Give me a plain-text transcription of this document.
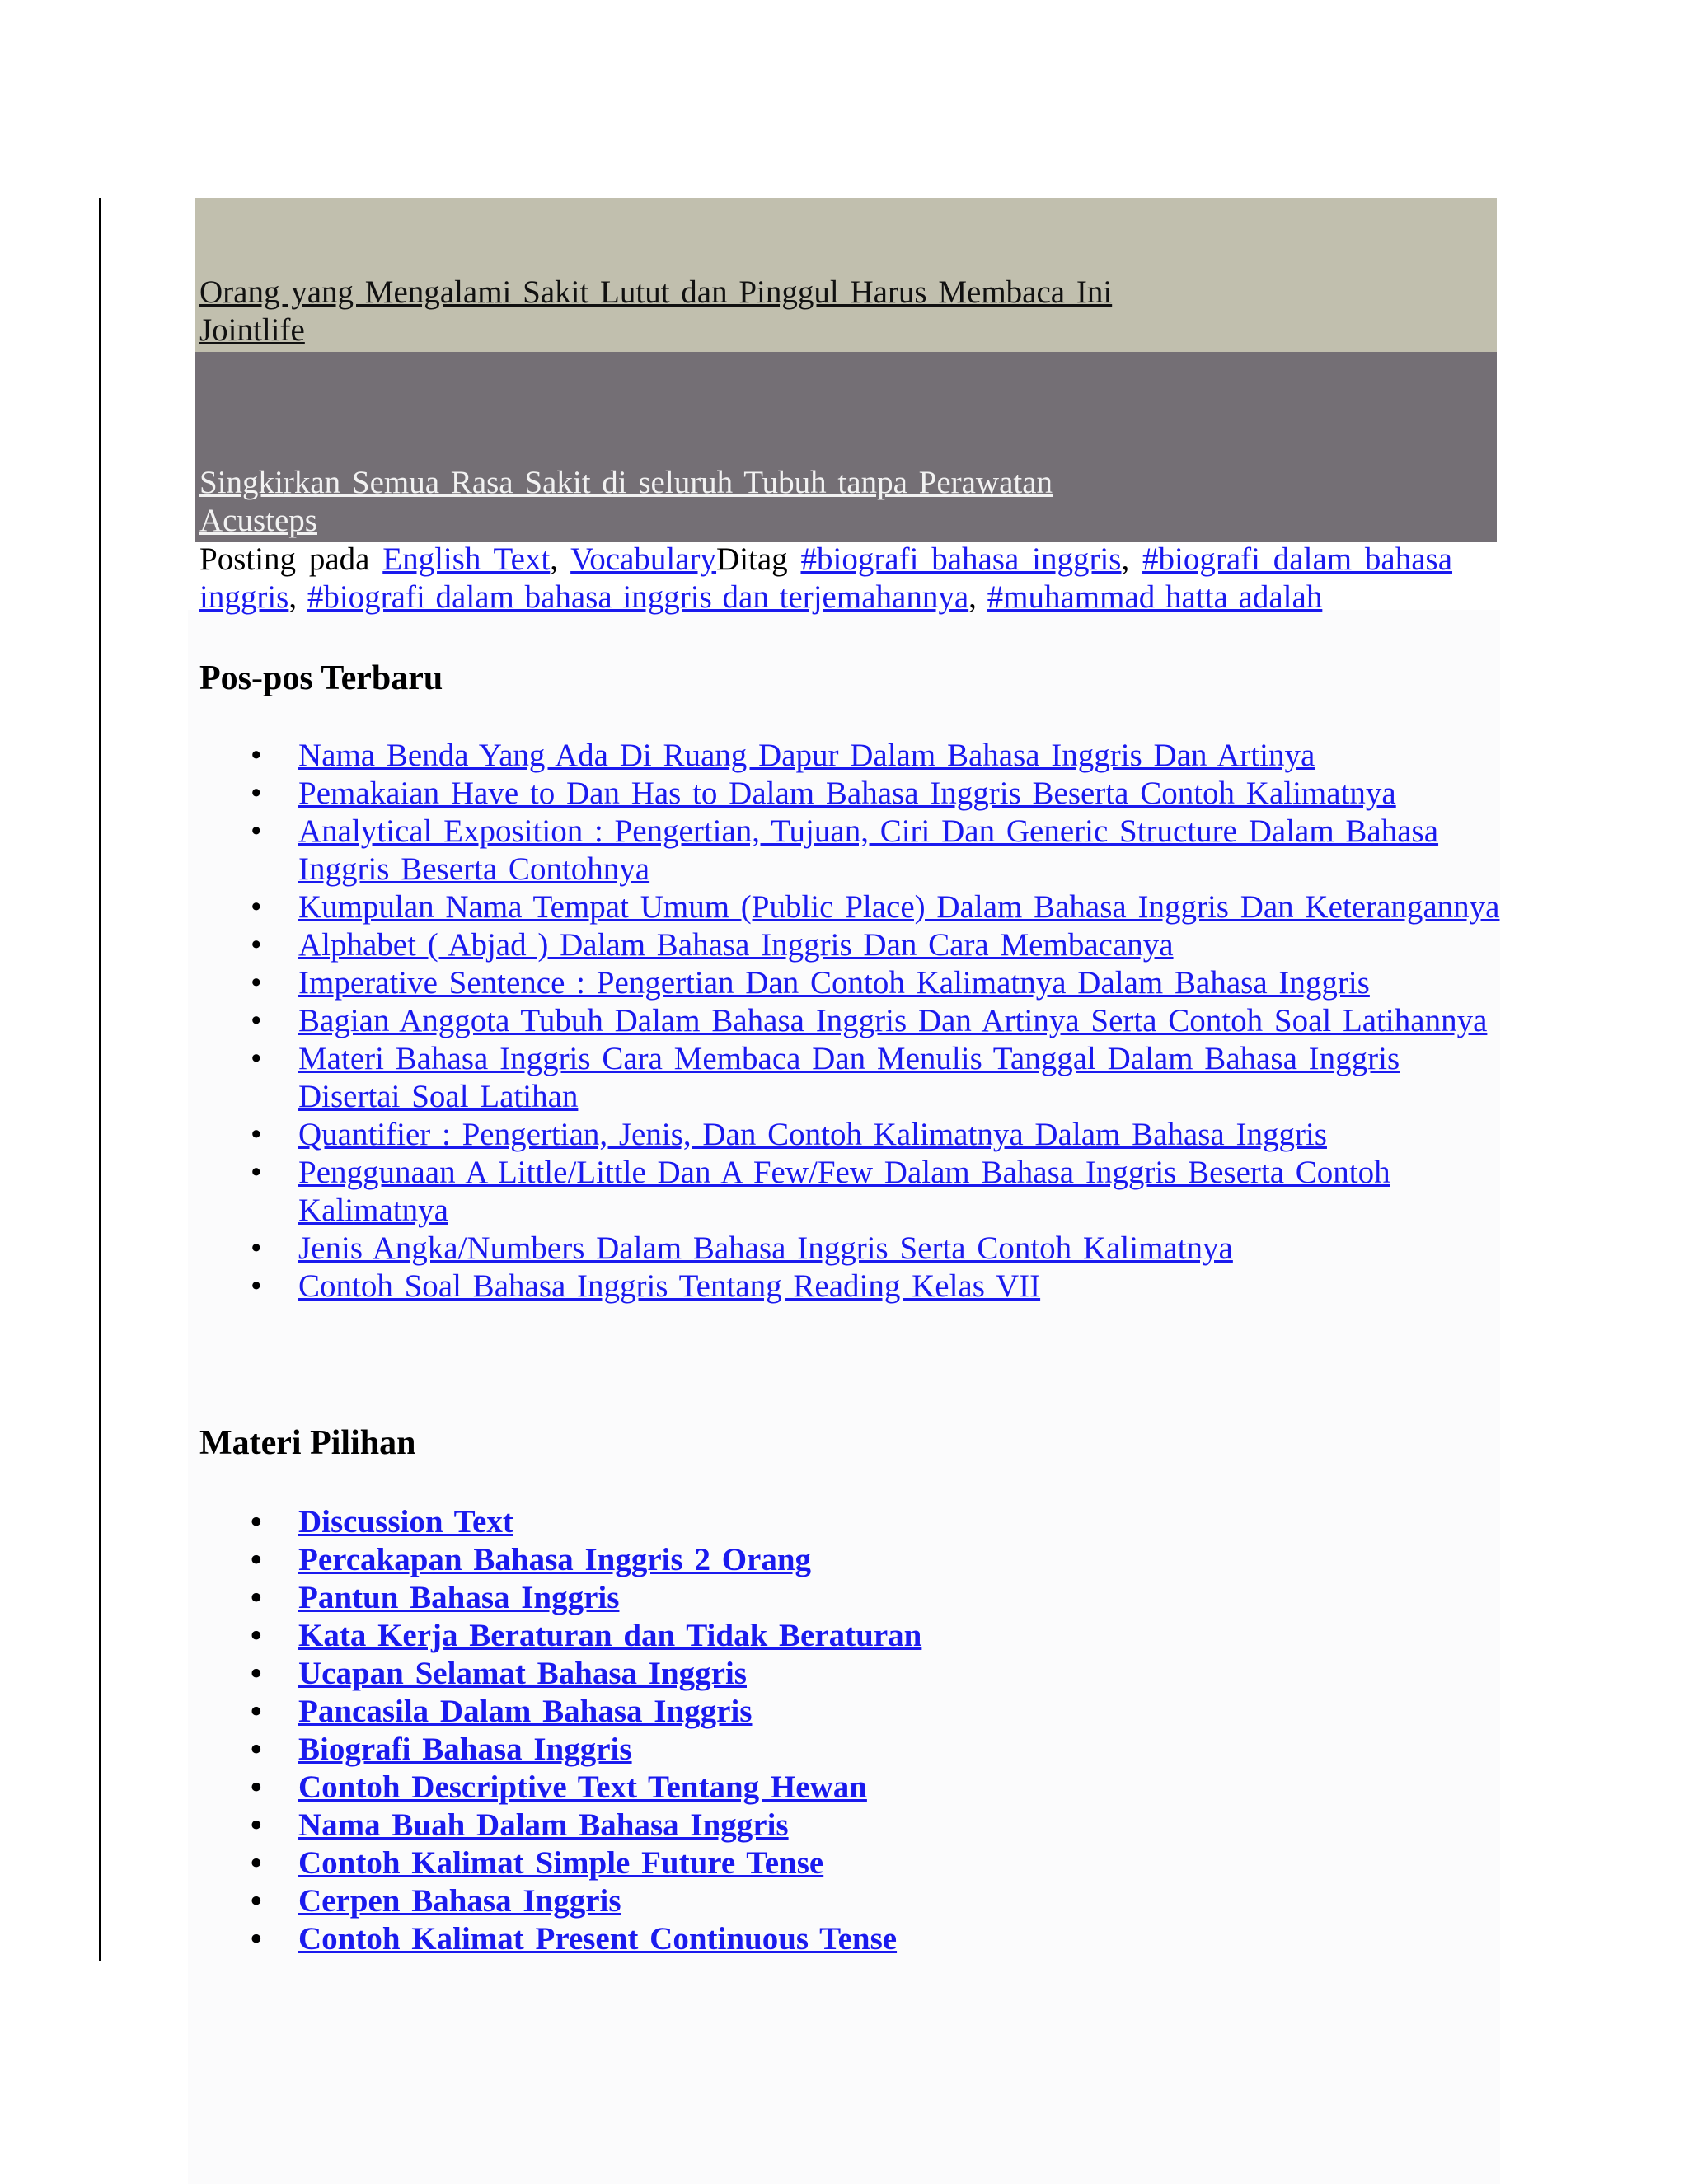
Orang yang Mengalami Sakit Lutut dan Pinggul Harus Membaca Ini
Jointlife
Singkirkan Semua Rasa Sakit di seluruh Tubuh tanpa Perawatan
Acusteps
Posting pada English Text, VocabularyDitag #biografi bahasa inggris, #biografi dalam bahasa inggris, #biografi dalam bahasa inggris dan terjemahannya, #muhammad hatta adalah
Pos-pos Terbaru
• Nama Benda Yang Ada Di Ruang Dapur Dalam Bahasa Inggris Dan Artinya
• Pemakaian Have to Dan Has to Dalam Bahasa Inggris Beserta Contoh Kalimatnya
• Analytical Exposition : Pengertian, Tujuan, Ciri Dan Generic Structure Dalam Bahasa Inggris Beserta Contohnya
• Kumpulan Nama Tempat Umum (Public Place) Dalam Bahasa Inggris Dan Keterangannya
• Alphabet ( Abjad ) Dalam Bahasa Inggris Dan Cara Membacanya
• Imperative Sentence : Pengertian Dan Contoh Kalimatnya Dalam Bahasa Inggris
• Bagian Anggota Tubuh Dalam Bahasa Inggris Dan Artinya Serta Contoh Soal Latihannya
• Materi Bahasa Inggris Cara Membaca Dan Menulis Tanggal Dalam Bahasa Inggris Disertai Soal Latihan
• Quantifier : Pengertian, Jenis, Dan Contoh Kalimatnya Dalam Bahasa Inggris
• Penggunaan A Little/Little Dan A Few/Few Dalam Bahasa Inggris Beserta Contoh Kalimatnya
• Jenis Angka/Numbers Dalam Bahasa Inggris Serta Contoh Kalimatnya
• Contoh Soal Bahasa Inggris Tentang Reading Kelas VII
Materi Pilihan
• Discussion Text
• Percakapan Bahasa Inggris 2 Orang
• Pantun Bahasa Inggris
• Kata Kerja Beraturan dan Tidak Beraturan
• Ucapan Selamat Bahasa Inggris
• Pancasila Dalam Bahasa Inggris
• Biografi Bahasa Inggris
• Contoh Descriptive Text Tentang Hewan
• Nama Buah Dalam Bahasa Inggris
• Contoh Kalimat Simple Future Tense
• Cerpen Bahasa Inggris
• Contoh Kalimat Present Continuous Tense
